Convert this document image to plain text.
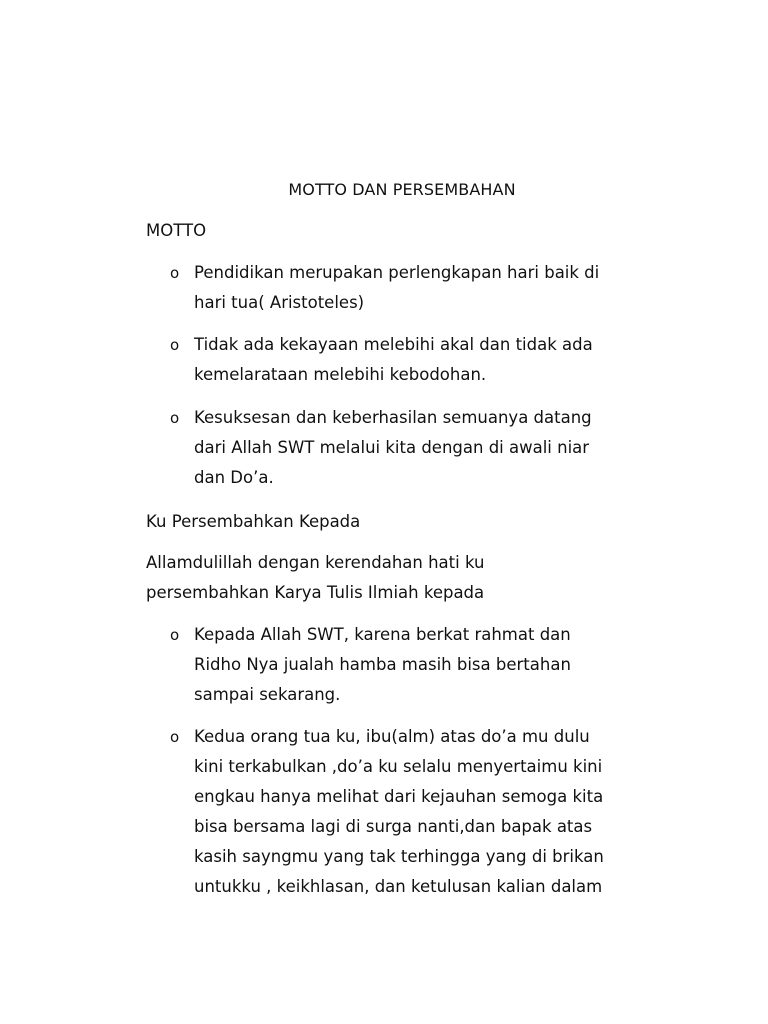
MOTTO DAN PERSEMBAHAN
MOTTO
o Pendidikan merupakan perlengkapan hari baik di
hari tua( Aristoteles)
o Tidak ada kekayaan melebihi akal dan tidak ada
kemelarataan melebihi kebodohan.
o Kesuksesan dan keberhasilan semuanya datang
dari Allah SWT melalui kita dengan di awali niar
dan Do’a.
Ku Persembahkan Kepada
Allamdulillah dengan kerendahan hati ku
persembahkan Karya Tulis Ilmiah kepada
o Kepada Allah SWT, karena berkat rahmat dan
Ridho Nya jualah hamba masih bisa bertahan
sampai sekarang.
o Kedua orang tua ku, ibu(alm) atas do’a mu dulu
kini terkabulkan ,do’a ku selalu menyertaimu kini
engkau hanya melihat dari kejauhan semoga kita
bisa bersama lagi di surga nanti,dan bapak atas
kasih sayngmu yang tak terhingga yang di brikan
untukku , keikhlasan, dan ketulusan kalian dalam
